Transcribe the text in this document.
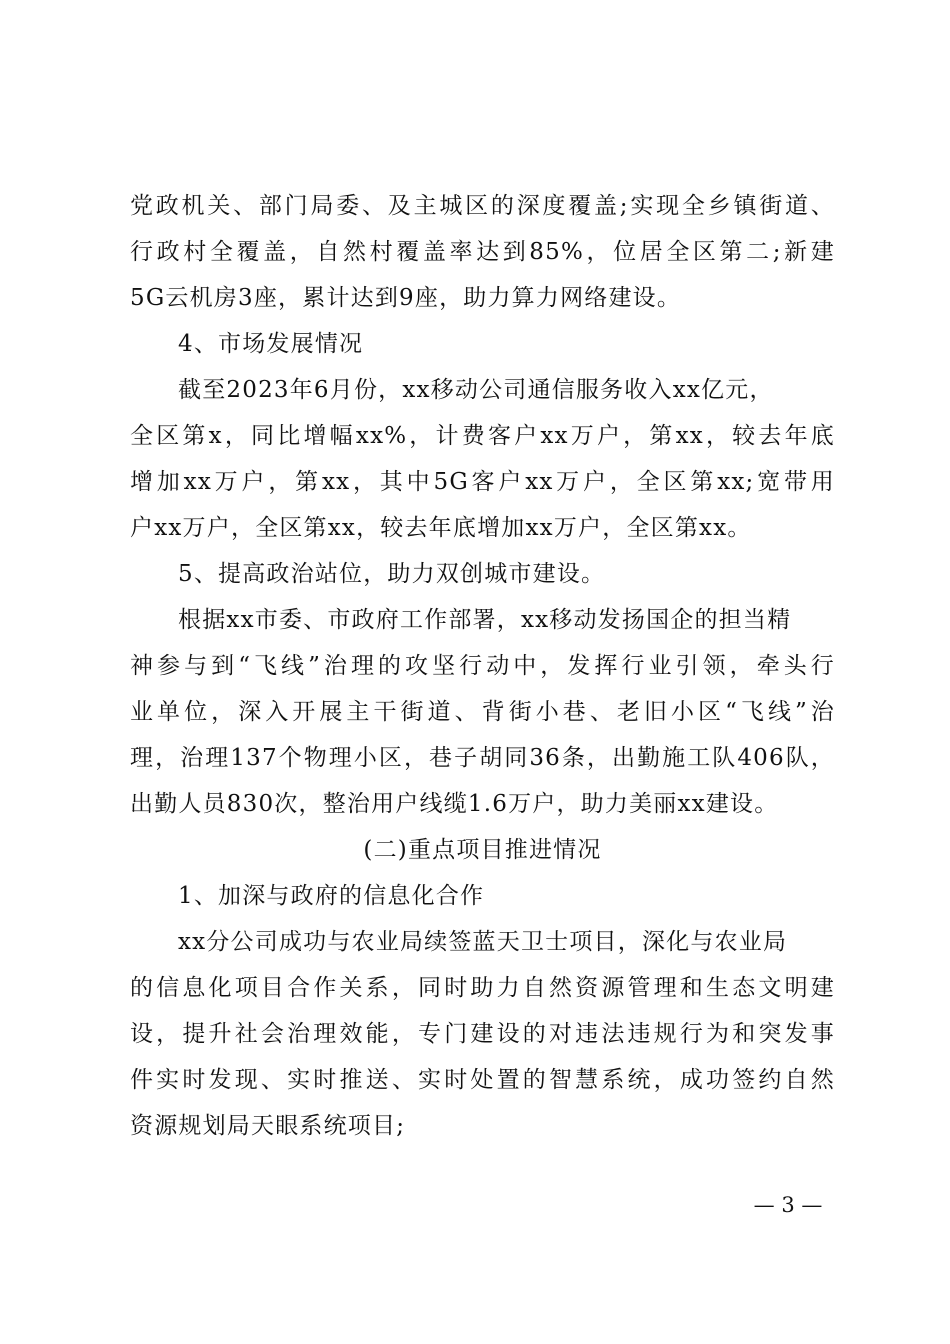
党政机关、部门局委、及主城区的深度覆盖;实现全乡镇街道、
行政村全覆盖，自然村覆盖率达到85%，位居全区第二;新建
5G云机房3座，累计达到9座，助力算力网络建设。
4、市场发展情况
截至2023年6月份，xx移动公司通信服务收入xx亿元，
全区第x，同比增幅xx%，计费客户xx万户，第xx，较去年底
增加xx万户，第xx，其中5G客户xx万户，全区第xx;宽带用
户xx万户，全区第xx，较去年底增加xx万户，全区第xx。
5、提高政治站位，助力双创城市建设。
根据xx市委、市政府工作部署，xx移动发扬国企的担当精
神参与到“飞线”治理的攻坚行动中，发挥行业引领，牵头行
业单位，深入开展主干街道、背街小巷、老旧小区“飞线”治
理，治理137个物理小区，巷子胡同36条，出勤施工队406队，
出勤人员830次，整治用户线缆1.6万户，助力美丽xx建设。
(二)重点项目推进情况
1、加深与政府的信息化合作
xx分公司成功与农业局续签蓝天卫士项目，深化与农业局
的信息化项目合作关系，同时助力自然资源管理和生态文明建
设，提升社会治理效能，专门建设的对违法违规行为和突发事
件实时发现、实时推送、实时处置的智慧系统，成功签约自然
资源规划局天眼系统项目;
— 3 —
